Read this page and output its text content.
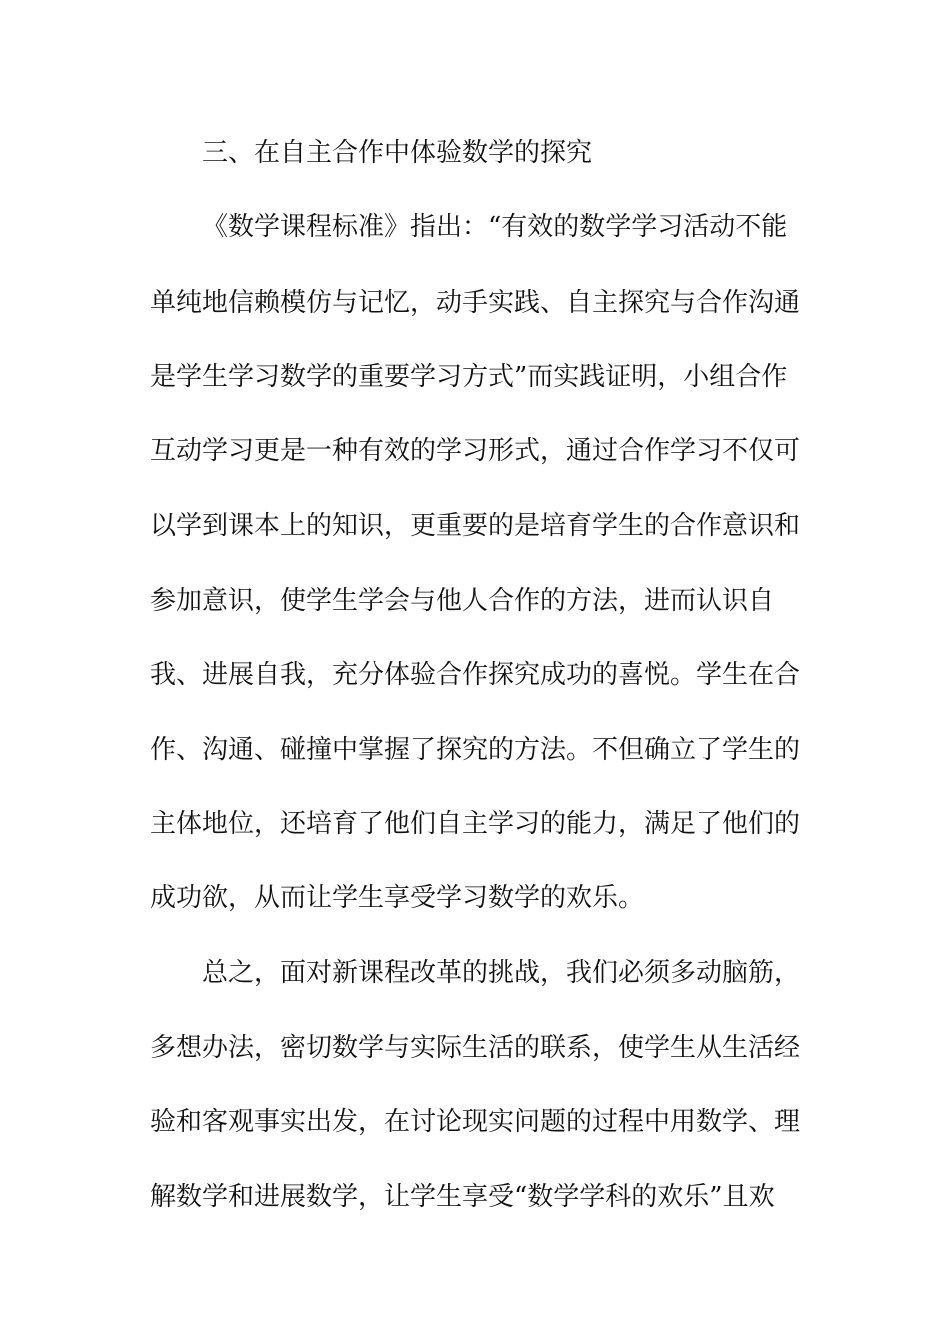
三、在自主合作中体验数学的探究
《数学课程标准》指出：“有效的数学学习活动不能
单纯地信赖模仿与记忆，动手实践、自主探究与合作沟通
是学生学习数学的重要学习方式”而实践证明，小组合作
互动学习更是一种有效的学习形式，通过合作学习不仅可
以学到课本上的知识，更重要的是培育学生的合作意识和
参加意识，使学生学会与他人合作的方法，进而认识自
我、进展自我，充分体验合作探究成功的喜悦。学生在合
作、沟通、碰撞中掌握了探究的方法。不但确立了学生的
主体地位，还培育了他们自主学习的能力，满足了他们的
成功欲，从而让学生享受学习数学的欢乐。
总之，面对新课程改革的挑战，我们必须多动脑筋，
多想办法，密切数学与实际生活的联系，使学生从生活经
验和客观事实出发，在讨论现实问题的过程中用数学、理
解数学和进展数学，让学生享受“数学学科的欢乐”且欢
